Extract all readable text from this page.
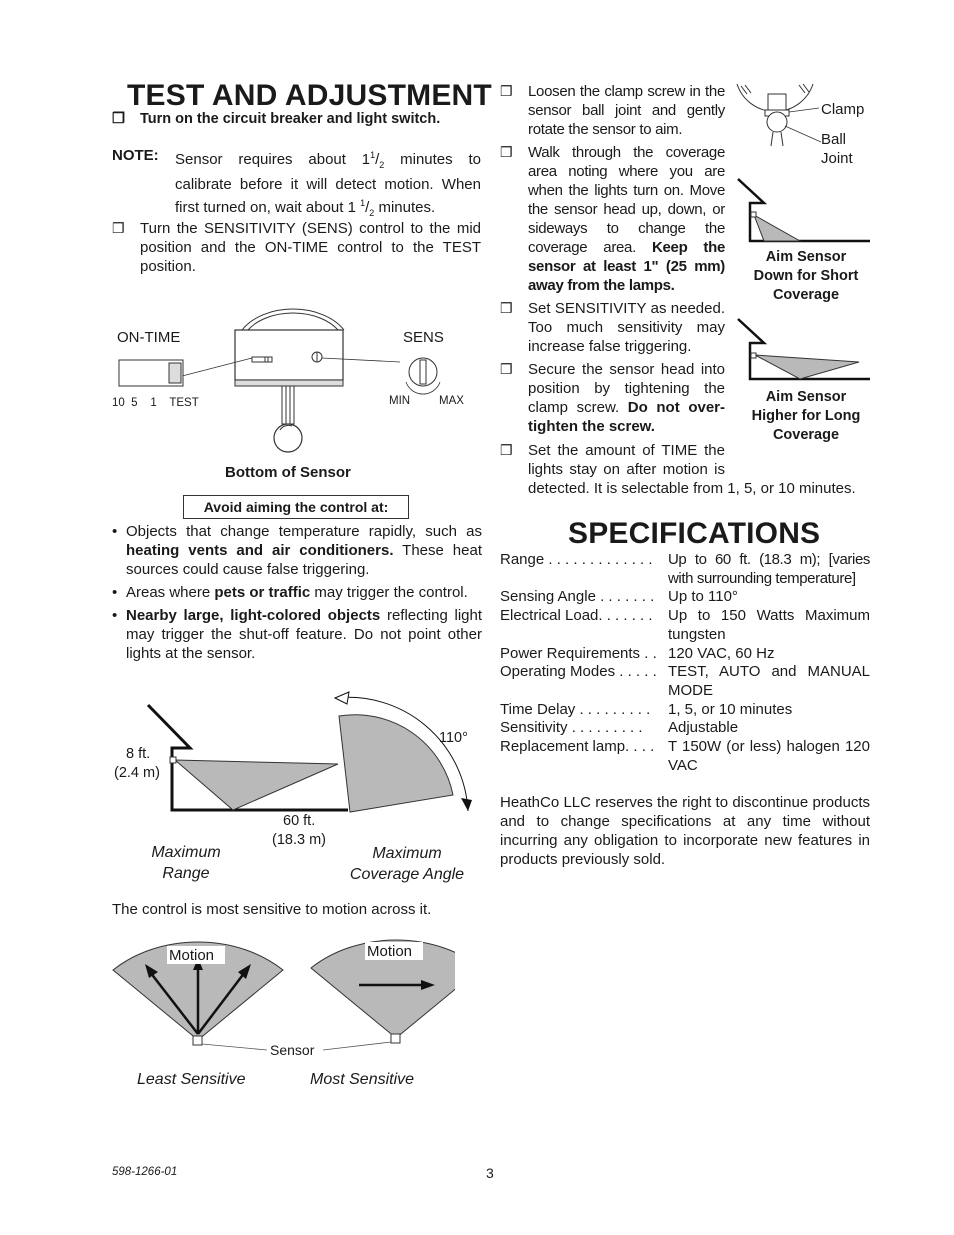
TEST AND ADJUSTMENT
❒ Turn on the circuit breaker and light switch.
NOTE: Sensor requires about $1^1/_2$ minutes to calibrate before it will detect motion. When first turned on, wait about 1 $^1/_2$ minutes.
❒ Turn the SENSITIVITY (SENS) control to the mid position and the ON-TIME control to the TEST position.
ON-TIME	SENS
10  5    1    TEST	MIN	MAX
Bottom of Sensor
Avoid aiming the control at:
• Objects that change temperature rapidly, such as heating vents and air conditioners. These heat sources could cause false triggering.
• Areas where pets or traffic may trigger the control.
• Nearby large, light-colored objects reflecting light may trigger the shut-off feature. Do not point other lights at the sensor.
8 ft.
(2.4 m)
60 ft.
(18.3 m)
Maximum
Range
110°
Maximum
Coverage Angle
The control is most sensitive to motion across it.
Motion	Motion
Sensor
Least Sensitive	Most Sensitive
❒ Loosen the clamp screw in the sensor ball joint and gently rotate the sensor to aim.
❒ Walk through the coverage area noting where you are when the lights turn on. Move the sensor head up, down, or sideways to change the coverage area. Keep the sensor at least 1" (25 mm) away from the lamps.
❒ Set SENSITIVITY as needed. Too much sensitivity may increase false triggering.
❒ Secure the sensor head into position by tightening the clamp screw. Do not over-tighten the screw.
❒ Set the amount of TIME the
lights stay on after motion is
detected. It is selectable from 1, 5, or 10 minutes.
Clamp
Ball
Joint
Aim Sensor
Down for Short
Coverage
Aim Sensor
Higher for Long
Coverage
SPECIFICATIONS
Range . . . . . . . . . . . . . Up to 60 ft. (18.3 m); [varies with surrounding temperature]
Sensing Angle . . . . . . . Up to 110°
Electrical Load. . . . . . . Up to 150 Watts Maximum tungsten
Power Requirements . . 120 VAC, 60 Hz
Operating Modes . . . . . TEST, AUTO and MANUAL MODE
Time Delay . . . . . . . . . 1, 5, or 10 minutes
Sensitivity . . . . . . . . . Adjustable
Replacement lamp. . . . T 150W (or less) halogen 120 VAC
HeathCo LLC reserves the right to discontinue products and to change specifications at any time without incurring any obligation to incorporate new features in products previously sold.
598-1266-01	3
